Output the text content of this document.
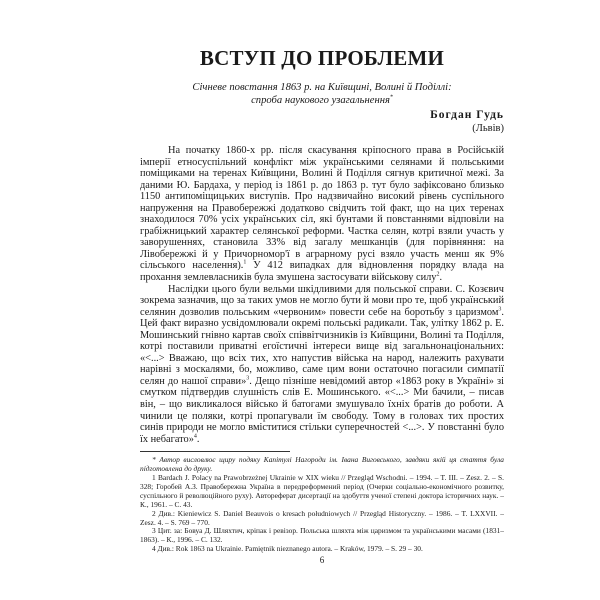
ВСТУП ДО ПРОБЛЕМИ

Січневе повстання 1863 р. на Київщині, Волині й Поділлі:
спроба наукового узагальнення*

Богдан Гудь
(Львів)

На початку 1860-х рр. після скасування кріпосного права в Російській імперії етносуспільний конфлікт між українськими селянами й польськими поміщиками на теренах Київщини, Волині й Поділля сягнув критичної межі. За даними Ю. Бардаха, у період із 1861 р. до 1863 р. тут було зафіксовано близько 1150 антипоміщицьких виступів. Про надзвичайно високий рівень суспільного напруження на Правобережжі додатково свідчить той факт, що на цих теренах знаходилося 70% усіх українських сіл, які бунтами й повстаннями відповіли на грабіжницький характер селянської реформи. Частка селян, котрі взяли участь у заворушеннях, становила 33% від загалу мешканців (для порівняння: на Лівобережжі й у Причорномор'ї в аграрному русі взяло участь менш як 9% сільського населення).$^1$ У 412 випадках для відновлення порядку влада на прохання землевласників була змушена застосувати військову силу$^2$.

Наслідки цього були вельми шкідливими для польської справи. С. Козєвич зокрема зазначив, що за таких умов не могло бути й мови про те, щоб український селянин дозволив польським «червоним» повести себе на боротьбу з царизмом$^3$. Цей факт виразно усвідомлювали окремі польські радикали. Так, улітку 1862 р. Е. Мошинський гнівно картав своїх співвітчизників із Київщини, Волині та Поділля, котрі поставили приватні егоїстичні інтереси вище від загальнонаціональних: «<...> Вважаю, що всіх тих, хто напустив війська на народ, належить рахувати нарівні з москалями, бо, можливо, саме цим вони остаточно погасили симпатії селян до нашої справи»$^3$. Дещо пізніше невідомий автор «1863 року в Україні» зі смутком підтвердив слушність слів Е. Мошинського. «<...> Ми бачили, – писав він, – що викликалося військо й батогами змушувало їхніх братів до роботи. А чинили це поляки, котрі пропагували їм свободу. Тому в головах тих простих синів природи не могло вміститися стільки суперечностей <...>. У повстанні було їх небагато»$^4$.

* Автор висловлює щиру подяку Капітулі Нагороди ім. Івана Виговського, завдяки якій ця стаття була підготовлена до друку.

1 Bardach J. Polacy na Prawobrzeżnej Ukrainie w XIX wieku // Przegląd Wschodni. – 1994. – T. III. – Zesz. 2. – S. 328; Горобей А.З. Правобережна Україна в передреформений період (Очерки соціально-економічного розвитку, суспільного й революційного руху). Автореферат дисертації на здобуття ученої степені доктора історичних наук. – К., 1961. – С. 43.

2 Див.: Kieniewicz S. Daniel Beauvois o kresach południowych // Przegląd Historyczny. – 1986. – T. LXXVII. – Zesz. 4. – S. 769 – 770.

3 Цит. за: Бовуа Д. Шляхтич, кріпак і ревізор. Польська шляхта між царизмом та українськими масами (1831–1863). – К., 1996. – С. 132.

4 Див.: Rok 1863 na Ukrainie. Pamiętnik nieznanego autora. – Kraków, 1979. – S. 29 – 30.

6
